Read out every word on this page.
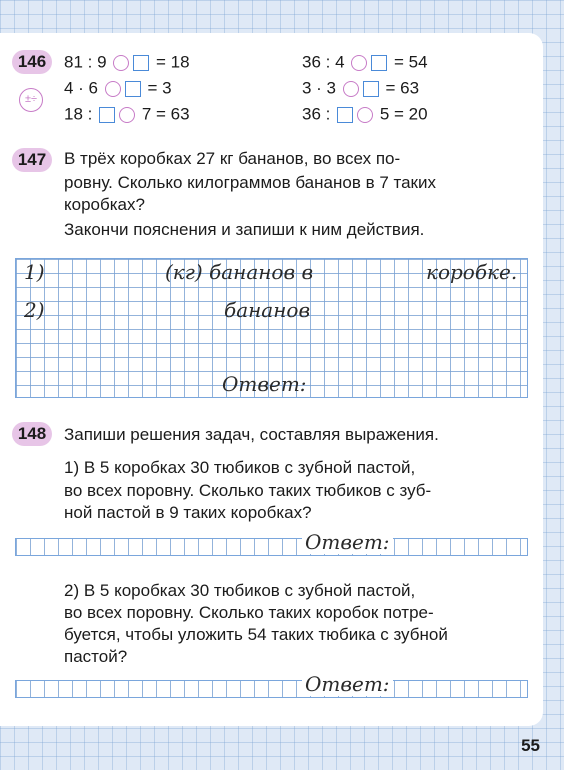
146
±÷
81 : 9	= 18
4 · 6	= 3
18 :	7 = 63
36 : 4	= 54
3 · 3	= 63
36 :	5 = 20
147	В трёх коробках 27 кг бананов, во всех по-
ровну. Сколько килограммов бананов в 7 таких
коробках?
Закончи пояснения и запиши к ним действия.
1)	(кг) бананов в	коробке.
2)	бананов
Ответ:
148	Запиши решения задач, составляя выражения.
1) В 5 коробках 30 тюбиков с зубной пастой,
во всех поровну. Сколько таких тюбиков с зуб-
ной пастой в 9 таких коробках?
Ответ:
2) В 5 коробках 30 тюбиков с зубной пастой,
во всех поровну. Сколько таких коробок потре-
буется, чтобы уложить 54 таких тюбика с зубной
пастой?
Ответ:
55
